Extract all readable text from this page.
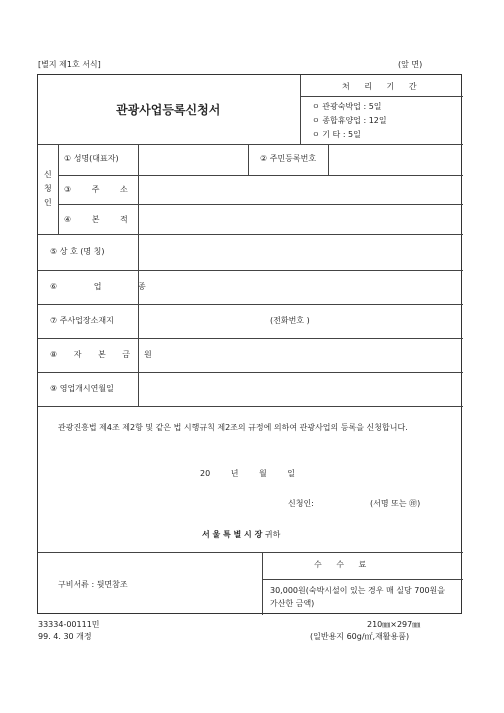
[별지 제1호 서식]	(앞 면)
관광사업등록신청서
처 리 기 간
ㅇ 관광숙박업 : 5일
ㅇ 종합휴양업 : 12일
ㅇ 기 타 : 5일
신
청
인
① 성명(대표자)	② 주민등록번호
③ 주 소
④ 본 적
⑤ 상 호 (명 칭)
⑥ 업 종
⑦ 주사업장소재지	(전화번호 )
⑧ 자 본 금 원
⑨ 영업개시연월일
관광진흥법 제4조 제2항 및 같은 법 시행규칙 제2조의 규정에 의하여 관광사업의 등록을 신청합니다.
20 년 월 일
신청인:	(서명 또는 ㊞)
서 울 특 별 시 장 귀하
구비서류 : 뒷면참조
수 수 료
30,000원(숙박시설이 있는 경우 매 실당 700원을 가산한 금액)
33334-00111민
99. 4. 30 개정
210㎜×297㎜
(일반용지 60g/㎡,재활용품)
